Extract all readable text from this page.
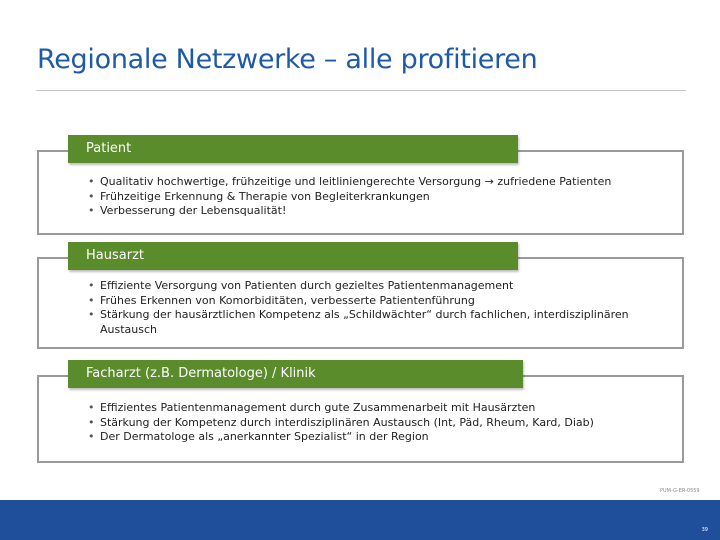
Regionale Netzwerke – alle profitieren
Patient
• Qualitativ hochwertige, frühzeitige und leitliniengerechte Versorgung → zufriedene Patienten
• Frühzeitige Erkennung & Therapie von Begleiterkrankungen
• Verbesserung der Lebensqualität!
Hausarzt
• Effiziente Versorgung von Patienten durch gezieltes Patientenmanagement
• Frühes Erkennen von Komorbiditäten, verbesserte Patientenführung
• Stärkung der hausärztlichen Kompetenz als „Schildwächter“ durch fachlichen, interdisziplinären Austausch
Facharzt (z.B. Dermatologe) / Klinik
• Effizientes Patientenmanagement durch gute Zusammenarbeit mit Hausärzten
• Stärkung der Kompetenz durch interdisziplinären Austausch (Int, Päd, Rheum, Kard, Diab)
• Der Dermatologe als „anerkannter Spezialist“ in der Region
PUM-G-ER-0559
39
